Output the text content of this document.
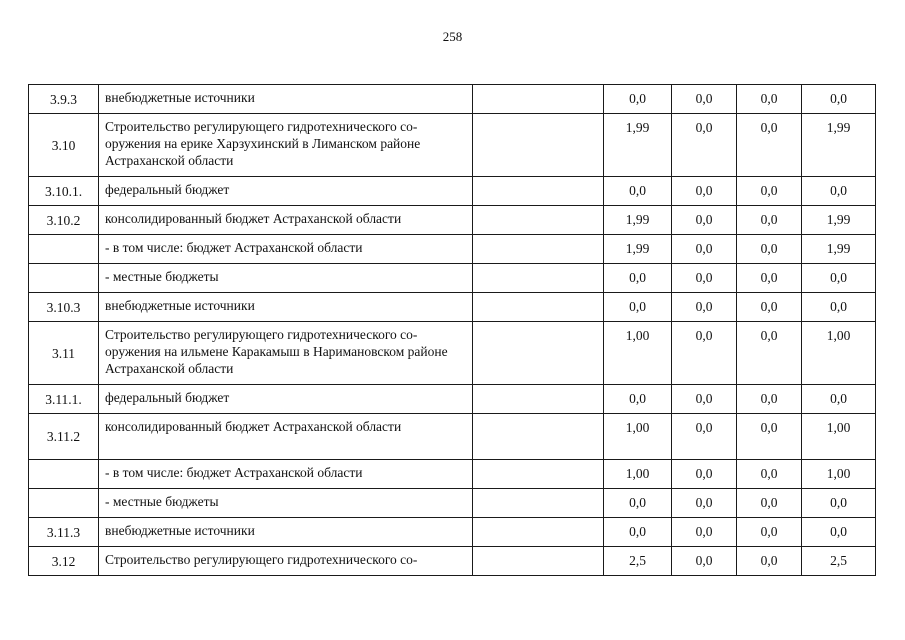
258
3.9.3	внебюджетные источники		0,0	0,0	0,0	0,0
3.10	Строительство регулирующего гидротехнического со-оружения на ерике Харзухинский в Лиманском районе Астраханской области		1,99	0,0	0,0	1,99
3.10.1.	федеральный бюджет		0,0	0,0	0,0	0,0
3.10.2	консолидированный бюджет Астраханской области		1,99	0,0	0,0	1,99
	- в том числе: бюджет Астраханской области		1,99	0,0	0,0	1,99
	- местные бюджеты		0,0	0,0	0,0	0,0
3.10.3	внебюджетные источники		0,0	0,0	0,0	0,0
3.11	Строительство регулирующего гидротехнического со-оружения на ильмене Каракамыш в Наримановском районе Астраханской области		1,00	0,0	0,0	1,00
3.11.1.	федеральный бюджет		0,0	0,0	0,0	0,0
3.11.2	консолидированный бюджет Астраханской области		1,00	0,0	0,0	1,00
	- в том числе: бюджет Астраханской области		1,00	0,0	0,0	1,00
	- местные бюджеты		0,0	0,0	0,0	0,0
3.11.3	внебюджетные источники		0,0	0,0	0,0	0,0
3.12	Строительство регулирующего гидротехнического со-		2,5	0,0	0,0	2,5
